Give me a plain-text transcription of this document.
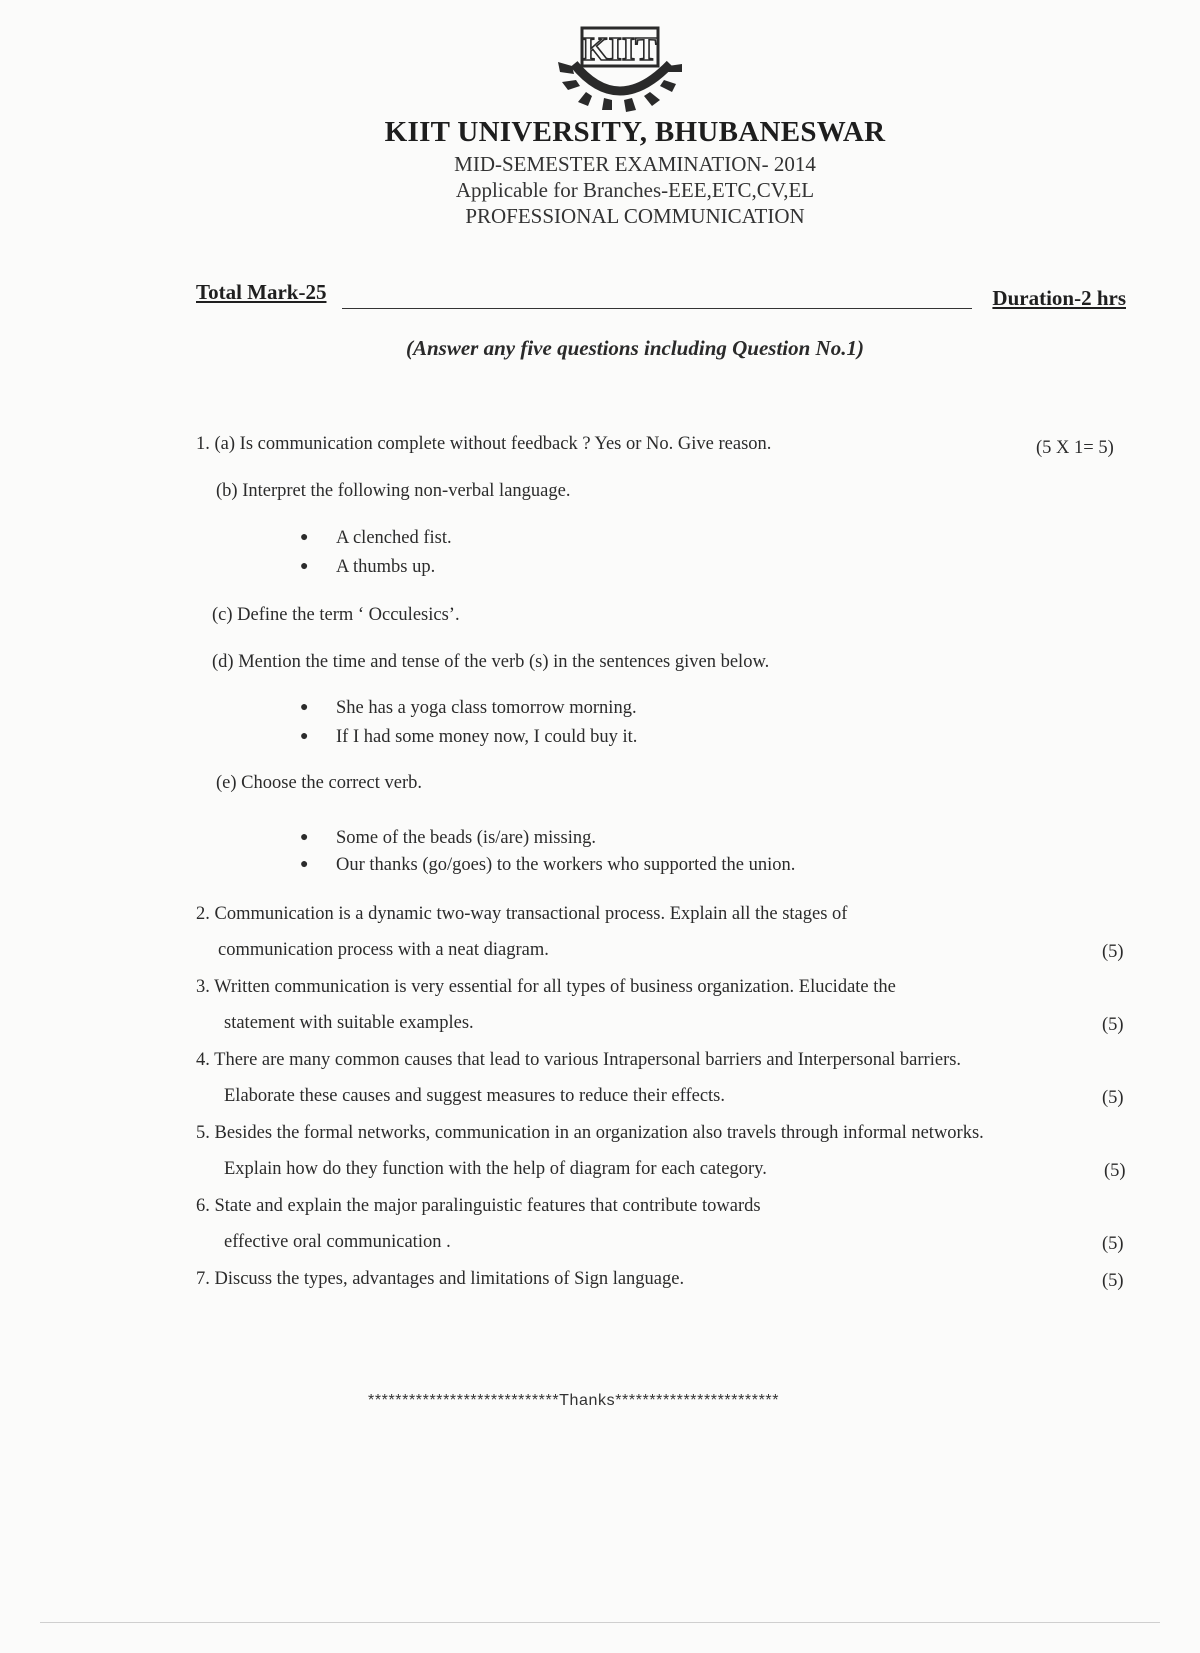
KIIT
KIIT UNIVERSITY, BHUBANESWAR
MID-SEMESTER EXAMINATION- 2014
Applicable for Branches-EEE,ETC,CV,EL
PROFESSIONAL COMMUNICATION
Total Mark-25	Duration-2 hrs
(Answer any five questions including Question No.1)
1. (a) Is communication complete without feedback ? Yes or No. Give reason.	(5 X 1= 5)
(b) Interpret the following non-verbal language.
● A clenched fist.
● A thumbs up.
(c) Define the term ‘ Occulesics’.
(d) Mention the time and tense of the verb (s) in the sentences given below.
● She has a yoga class tomorrow morning.
● If I had some money now, I could buy it.
(e) Choose the correct verb.
● Some of the beads (is/are) missing.
● Our thanks (go/goes) to the workers who supported the union.
2. Communication is a dynamic two-way transactional process. Explain all the stages of
communication process with a neat diagram.	(5)
3. Written communication is very essential for all types of business organization. Elucidate the
statement with suitable examples.	(5)
4. There are many common causes that lead to various Intrapersonal barriers and Interpersonal barriers.
Elaborate these causes and suggest measures to reduce their effects.	(5)
5. Besides the formal networks, communication in an organization also travels through informal networks.
Explain how do they function with the help of diagram for each category.	(5)
6. State and explain the major paralinguistic features that contribute towards
effective oral communication .	(5)
7. Discuss the types, advantages and limitations of Sign language.	(5)
****************************Thanks************************
